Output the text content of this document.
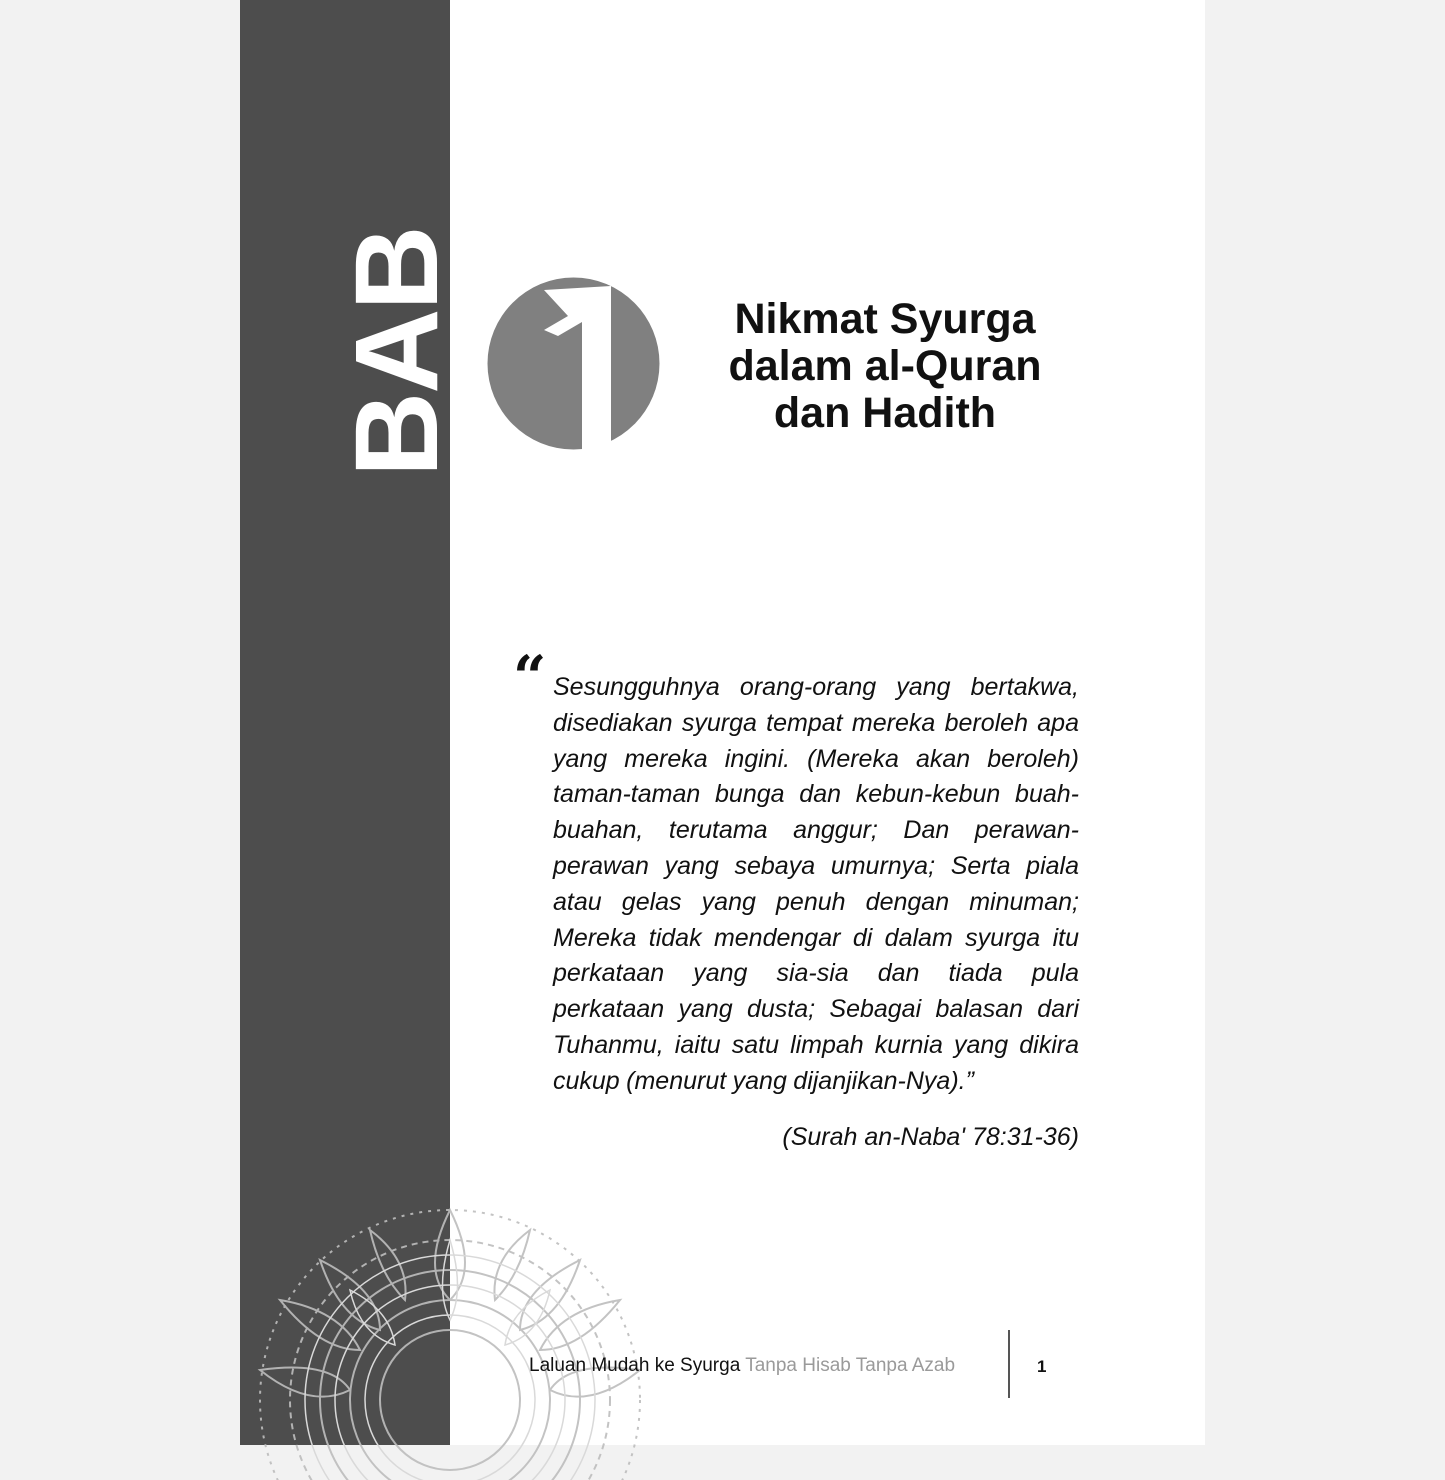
BAB	Nikmat Syurga
dalam al-Quran
dan Hadith
“ Sesungguhnya orang-orang yang bertakwa, disediakan syurga tempat mereka beroleh apa yang mereka ingini. (Mereka akan beroleh) taman-taman bunga dan kebun-kebun buah-buahan, terutama anggur; Dan perawan-perawan yang sebaya umurnya; Serta piala atau gelas yang penuh dengan minuman; Mereka tidak mendengar di dalam syurga itu perkataan yang sia-sia dan tiada pula perkataan yang dusta; Sebagai balasan dari Tuhanmu, iaitu satu limpah kurnia yang dikira cukup (menurut yang dijanjikan-Nya).”

(Surah an-Naba' 78:31-36)
Laluan Mudah ke Syurga Tanpa Hisab Tanpa Azab	1
